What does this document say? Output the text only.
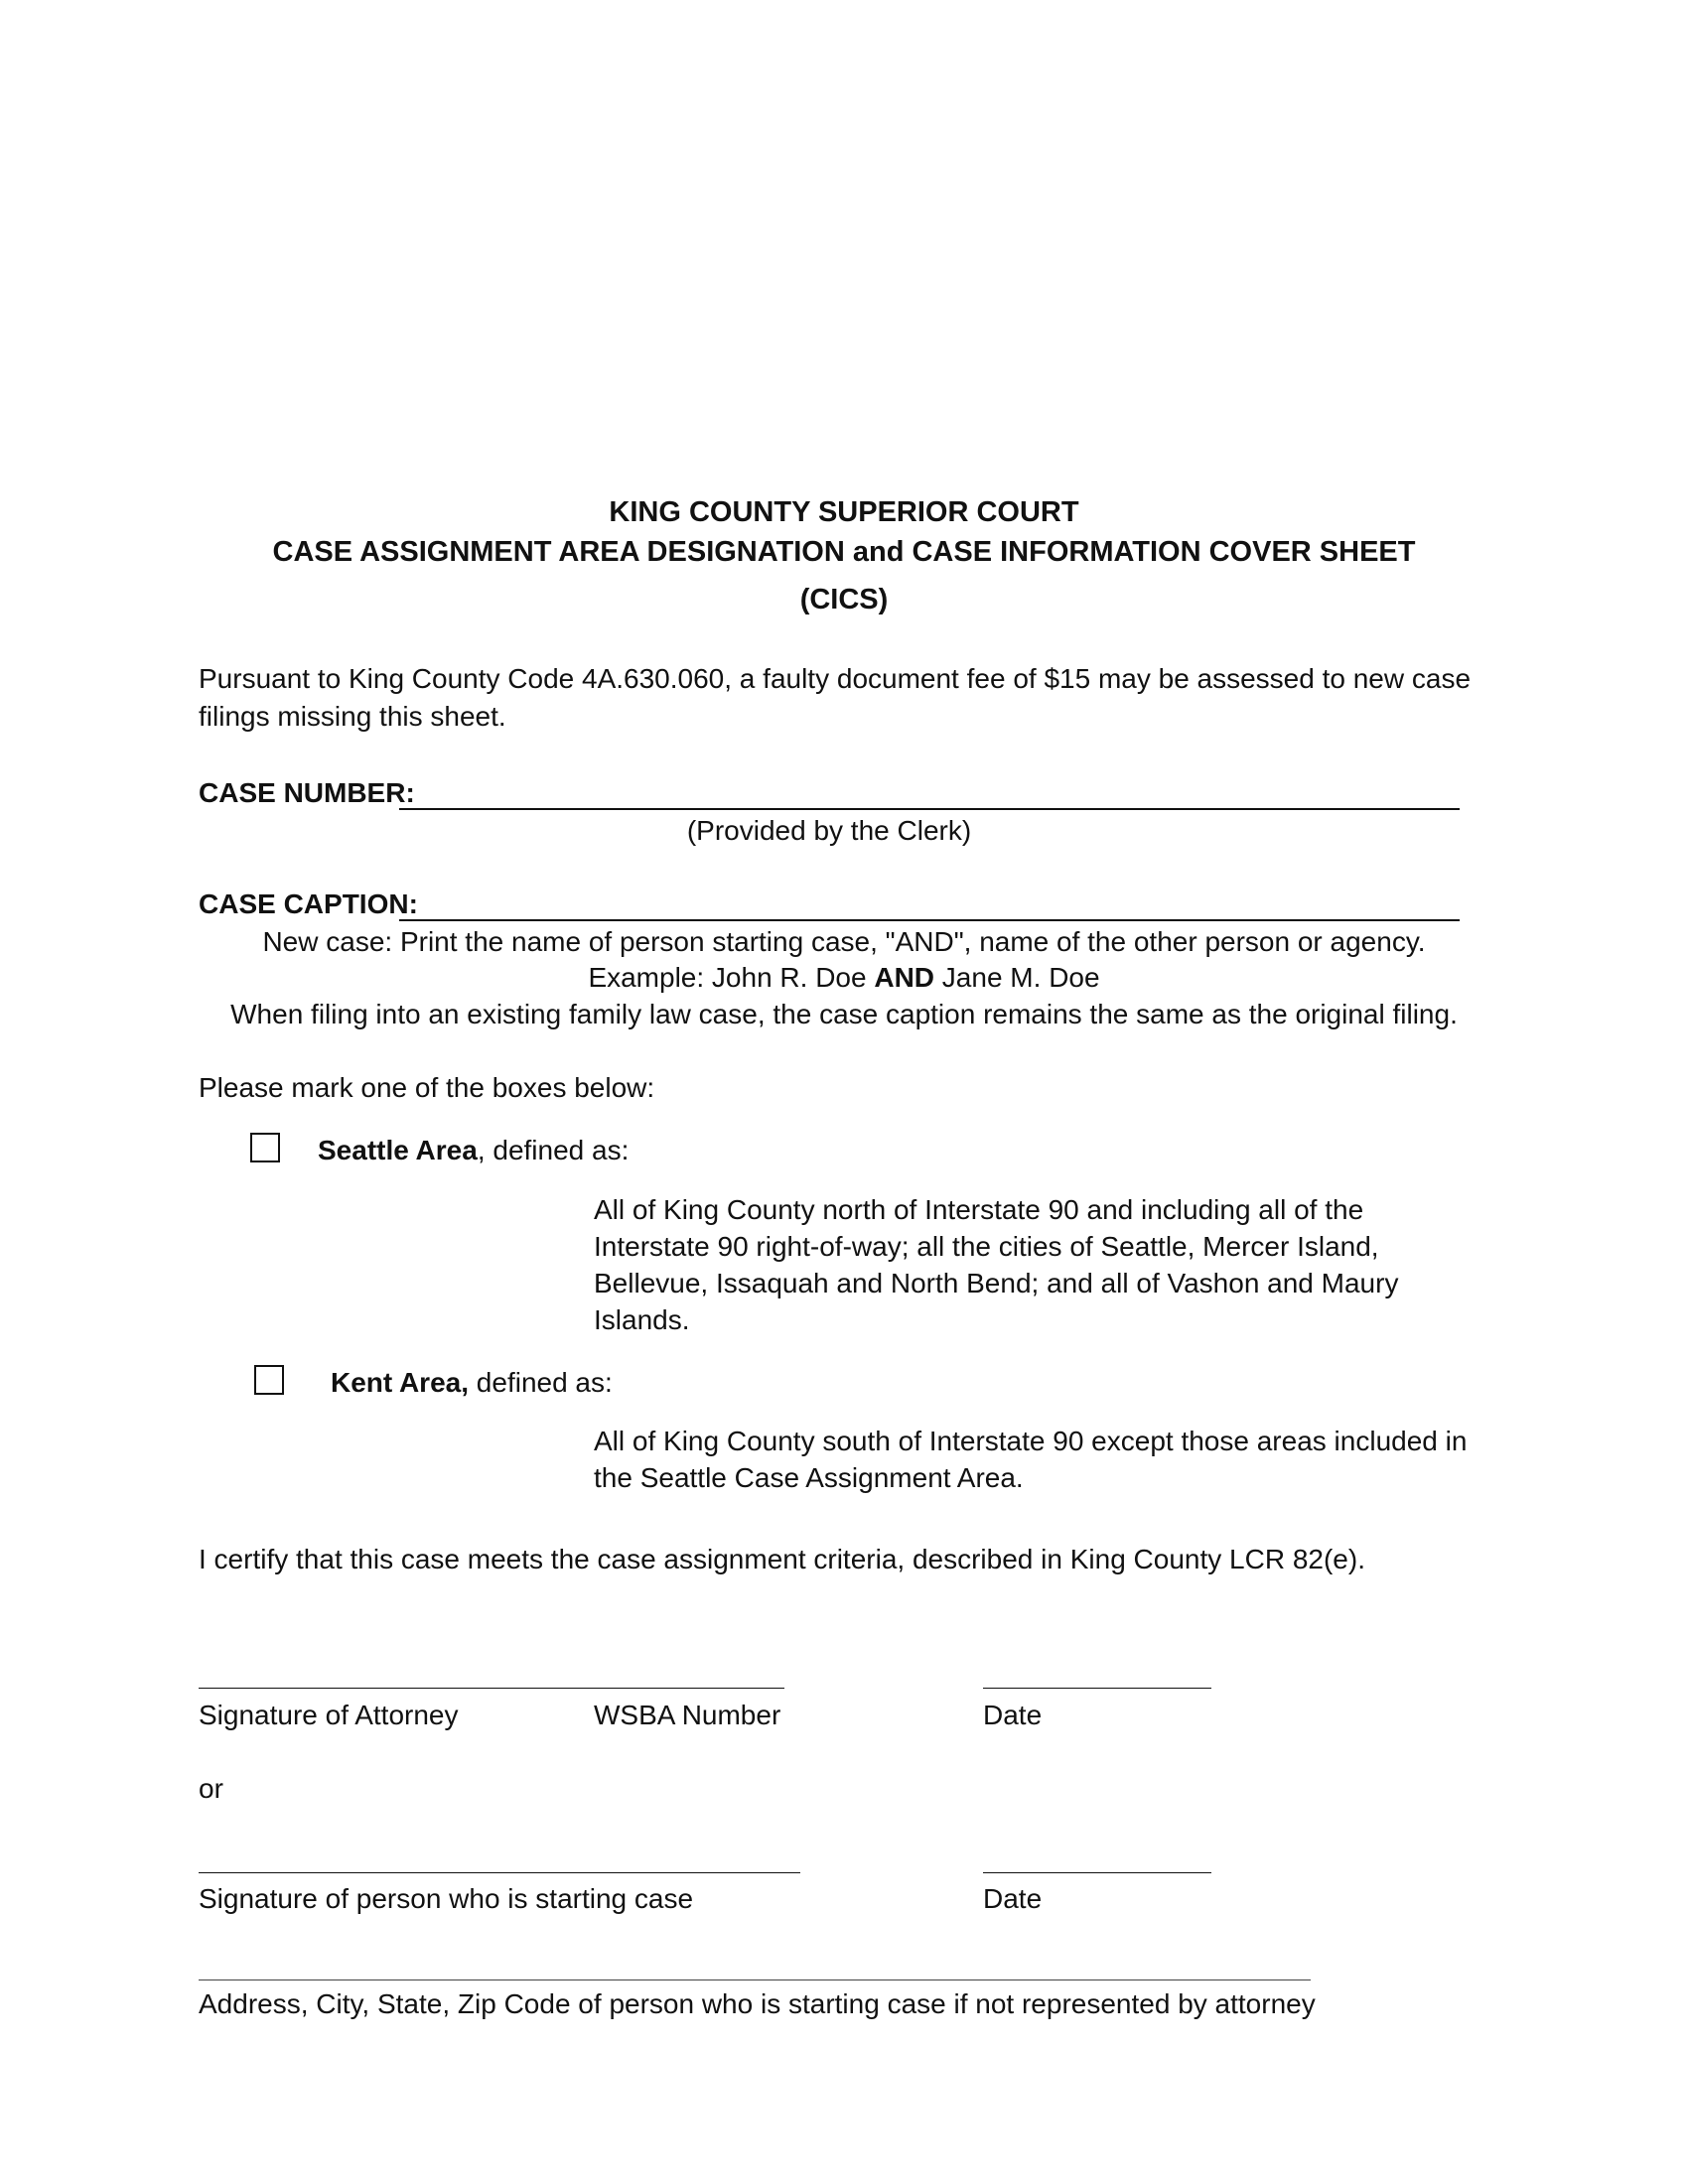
KING COUNTY SUPERIOR COURT
CASE ASSIGNMENT AREA DESIGNATION and CASE INFORMATION COVER SHEET
(CICS)
Pursuant to King County Code 4A.630.060, a faulty document fee of $15 may be assessed to new case
filings missing this sheet.
CASE NUMBER:
(Provided by the Clerk)
CASE CAPTION:
New case: Print the name of person starting case, "AND", name of the other person or agency.
Example: John R. Doe AND Jane M. Doe
When filing into an existing family law case, the case caption remains the same as the original filing.
Please mark one of the boxes below:
Seattle Area, defined as:
All of King County north of Interstate 90 and including all of the
Interstate 90 right-of-way; all the cities of Seattle, Mercer Island,
Bellevue, Issaquah and North Bend; and all of Vashon and Maury
Islands.
Kent Area, defined as:
All of King County south of Interstate 90 except those areas included in
the Seattle Case Assignment Area.
I certify that this case meets the case assignment criteria, described in King County LCR 82(e).
Signature of Attorney	WSBA Number	Date
or
Signature of person who is starting case	Date
Address, City, State, Zip Code of person who is starting case if not represented by attorney
